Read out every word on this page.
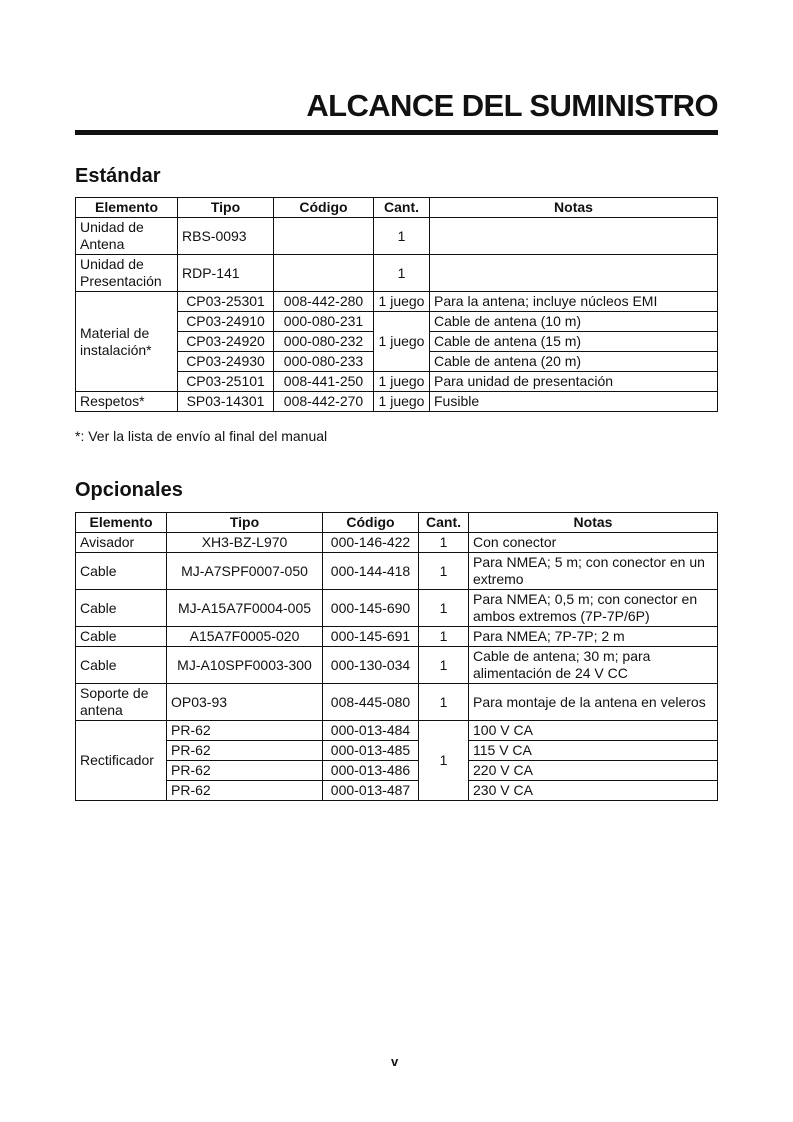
ALCANCE DEL SUMINISTRO
Estándar
Elemento	Tipo	Código	Cant.	Notas
Unidad de Antena	RBS-0093		1	
Unidad de Presentación	RDP-141		1	
Material de instalación*	CP03-25301	008-442-280	1 juego	Para la antena; incluye núcleos EMI
	CP03-24910	000-080-231	1 juego	Cable de antena (10 m)
	CP03-24920	000-080-232		Cable de antena (15 m)
	CP03-24930	000-080-233		Cable de antena (20 m)
	CP03-25101	008-441-250	1 juego	Para unidad de presentación
Respetos*	SP03-14301	008-442-270	1 juego	Fusible

*: Ver la lista de envío al final del manual

Opcionales
Elemento	Tipo	Código	Cant.	Notas
Avisador	XH3-BZ-L970	000-146-422	1	Con conector
Cable	MJ-A7SPF0007-050	000-144-418	1	Para NMEA; 5 m; con conector en un extremo
Cable	MJ-A15A7F0004-005	000-145-690	1	Para NMEA; 0,5 m; con conector en ambos extremos (7P-7P/6P)
Cable	A15A7F0005-020	000-145-691	1	Para NMEA; 7P-7P; 2 m
Cable	MJ-A10SPF0003-300	000-130-034	1	Cable de antena; 30 m; para alimentación de 24 V CC
Soporte de antena	OP03-93	008-445-080	1	Para montaje de la antena en veleros
Rectificador	PR-62	000-013-484	1	100 V CA
	PR-62	000-013-485		115 V CA
	PR-62	000-013-486		220 V CA
	PR-62	000-013-487		230 V CA
v
